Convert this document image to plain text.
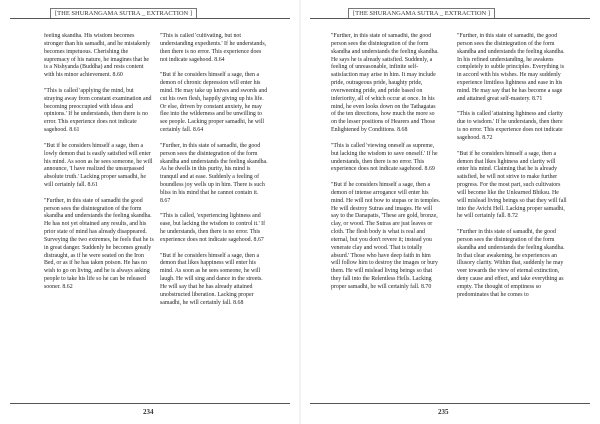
[THE SHURANGAMA SUTRA _ EXTRACTION ]

feeling skandha. His wisdom becomes stronger than his samadhi, and he mistakenly becomes impetuous. Cherishing the supremacy of his nature, he imagines that he is a Nishyanda (Buddha) and rests content with his minor achievement. 8.60

"This is called 'applying the mind, but straying away from constant examination and becoming preoccupied with ideas and opinions.' If he understands, then there is no error. This experience does not indicate sagehood. 8.61

"But if he considers himself a sage, then a lowly demon that is easily satisfied will enter his mind. As soon as he sees someone, he will announce, 'I have realized the unsurpassed absolute truth.' Lacking proper samadhi, he will certainly fall. 8.61

"Further, in this state of samadhi the good person sees the disintegration of the form skandha and understands the feeling skandha. He has not yet obtained any results, and his prior state of mind has already disappeared. Surveying the two extremes, he feels that he is in great danger. Suddenly he becomes greatly distraught, as if he were seated on the Iron Bed, or as if he has taken poison. He has no wish to go on living, and he is always asking people to take his life so he can be released sooner. 8.62

"This is called 'cultivating, but not understanding expedients.' If he understands, then there is no error. This experience does not indicate sagehood. 8.64

"But if he considers himself a sage, then a demon of chronic depression will enter his mind. He may take up knives and swords and cut his own flesh, happily giving up his life. Or else, driven by constant anxiety, he may flee into the wilderness and be unwilling to see people. Lacking proper samadhi, he will certainly fall. 8.64

"Further, in this state of samadhi, the good person sees the disintegration of the form skandha and understands the feeling skandha. As he dwells in this purity, his mind is tranquil and at ease. Suddenly a feeling of boundless joy wells up in him. There is such bliss in his mind that he cannot contain it. 8.67

"This is called, 'experiencing lightness and ease, but lacking the wisdom to control it.' If he understands, then there is no error. This experience does not indicate sagehood. 8.67

"But if he considers himself a sage, then a demon that likes happiness will enter his mind. As soon as he sees someone, he will laugh. He will sing and dance in the streets. He will say that he has already attained unobstructed liberation. Lacking proper samadhi, he will certainly fall. 8.68

234
[THE SHURANGAMA SUTRA _ EXTRACTION ]

"Further, in this state of samadhi, the good person sees the disintegration of the form skandha and understands the feeling skandha. He says he is already satisfied. Suddenly, a feeling of unreasonable, infinite self-satisfaction may arise in him. It may include pride, outrageous pride, haughty pride, overweening pride, and pride based on inferiority, all of which occur at once. In his mind, he even looks down on the Tathagatas of the ten directions, how much the more so on the lesser positions of Hearers and Those Enlightened by Conditions. 8.68

"This is called 'viewing oneself as supreme, but lacking the wisdom to save oneself.' If he understands, then there is no error. This experience does not indicate sagehood. 8.69

"But if he considers himself a sage, then a demon of intense arrogance will enter his mind. He will not bow to stupas or in temples. He will destroy Sutras and images. He will say to the Danapatis, 'These are gold, bronze, clay, or wood. The Sutras are just leaves or cloth. The flesh body is what is real and eternal, but you don't revere it; instead you venerate clay and wood. That is totally absurd.' Those who have deep faith in him will follow him to destroy the images or bury them. He will mislead living beings so that they fall into the Relentless Hells. Lacking proper samadhi, he will certainly fall. 8.70

"Further, in this state of samadhi, the good person sees the disintegration of the form skandha and understands the feeling skandha. In his refined understanding, he awakens completely to subtle principles. Everything is in accord with his wishes. He may suddenly experience limitless lightness and ease in his mind. He may say that he has become a sage and attained great self-mastery. 8.71

"This is called 'attaining lightness and clarity due to wisdom.' If he understands, then there is no error. This experience does not indicate sagehood. 8.72

"But if he considers himself a sage, then a demon that likes lightness and clarity will enter his mind. Claiming that he is already satisfied, he will not strive to make further progress. For the most part, such cultivators will become like the Unlearned Bhiksu. He will mislead living beings so that they will fall into the Avichi Hell. Lacking proper samadhi, he will certainly fall. 8.72

"Further in this state of samadhi, the good person sees the disintegration of the form skandha and understands the feeling skandha. In that clear awakening, he experiences an illusory clarity. Within that, suddenly he may veer towards the view of eternal extinction, deny cause and effect, and take everything as empty. The thought of emptiness so predominates that he comes to

235
